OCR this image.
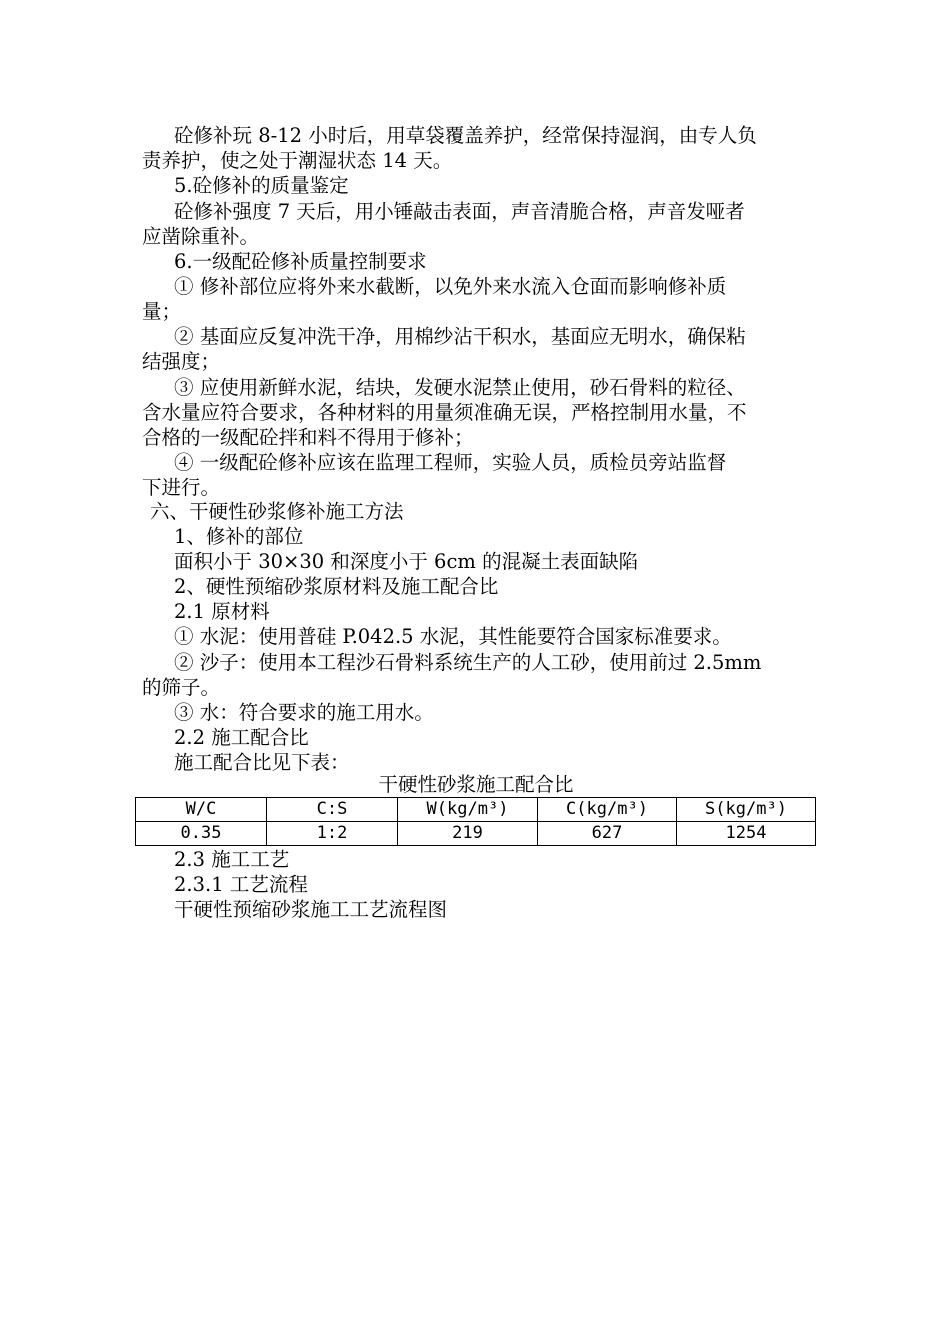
砼修补玩 8-12 小时后，用草袋覆盖养护，经常保持湿润，由专人负
责养护，使之处于潮湿状态 14 天。
5.砼修补的质量鉴定
砼修补强度 7 天后，用小锤敲击表面，声音清脆合格，声音发哑者
应凿除重补。
6.一级配砼修补质量控制要求
① 修补部位应将外来水截断，以免外来水流入仓面而影响修补质
量；
② 基面应反复冲洗干净，用棉纱沾干积水，基面应无明水，确保粘
结强度；
③ 应使用新鲜水泥，结块，发硬水泥禁止使用，砂石骨料的粒径、
含水量应符合要求，各种材料的用量须准确无误，严格控制用水量，不
合格的一级配砼拌和料不得用于修补；
④ 一级配砼修补应该在监理工程师，实验人员，质检员旁站监督
下进行。
六、干硬性砂浆修补施工方法
1、修补的部位
面积小于 30×30 和深度小于 6cm 的混凝土表面缺陷
2、硬性预缩砂浆原材料及施工配合比
2.1 原材料
① 水泥：使用普硅 P.042.5 水泥，其性能要符合国家标准要求。
② 沙子：使用本工程沙石骨料系统生产的人工砂，使用前过 2.5mm
的筛子。
③ 水：符合要求的施工用水。
2.2 施工配合比
施工配合比见下表：
干硬性砂浆施工配合比
W/C	C:S	W(kg/m³)	C(kg/m³)	S(kg/m³)
0.35	1:2	219	627	1254
2.3 施工工艺
2.3.1 工艺流程
干硬性预缩砂浆施工工艺流程图
